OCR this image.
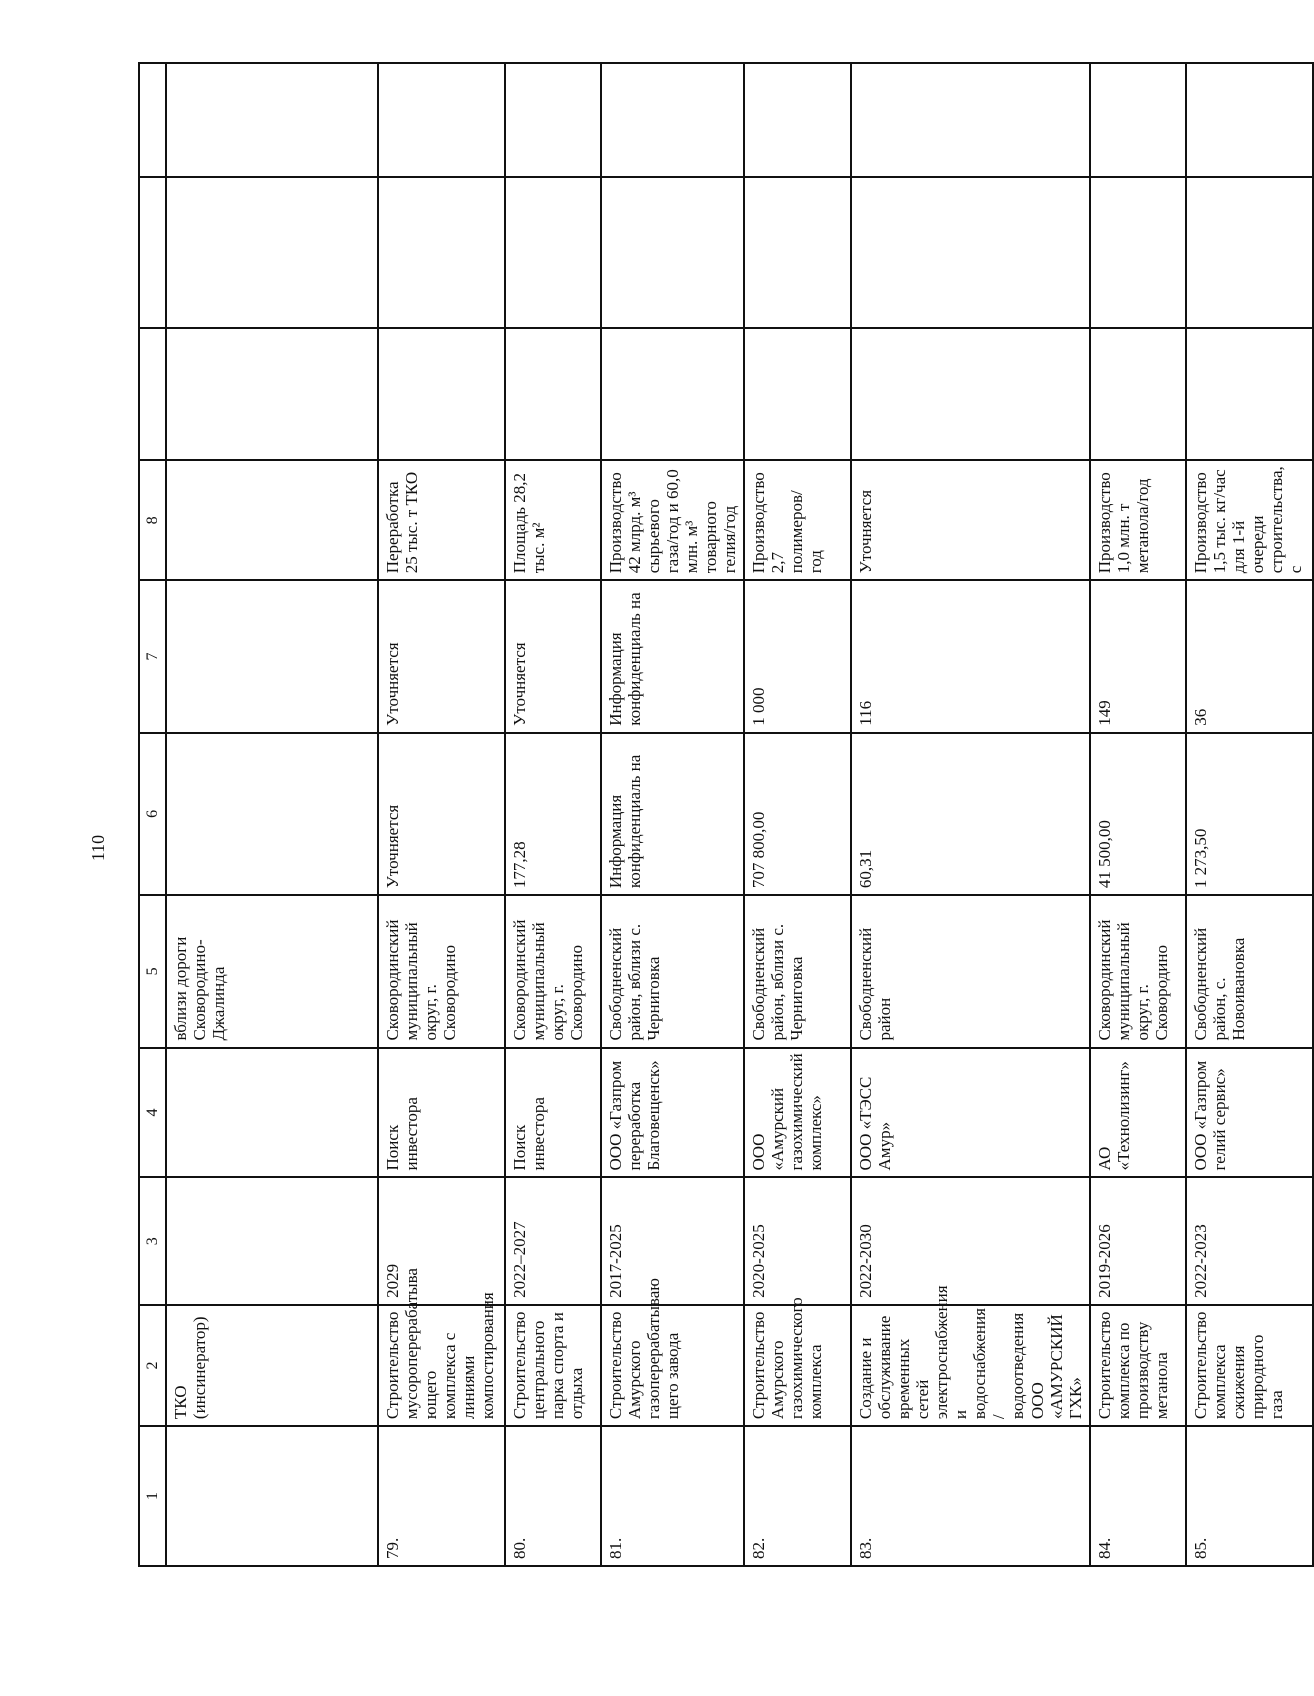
110
1	2	3	4	5	6	7	8			
	ТКО (инсинератор)			вблизи дороги
Сковородино-
Джалинда						
79.	Строительство мусороперерабатыва ющего комплекса с линиями компостирования	2029	Поиск инвестора	Сковородинский муниципальный округ, г. Сковородино	Уточняется	Уточняется	Переработка 25 тыс. т ТКО			
80.	Строительство центрального парка спорта и отдыха	2022–2027	Поиск инвестора	Сковородинский муниципальный округ, г. Сковородино	177,28	Уточняется	Площадь 28,2 тыс. м²			
81.	Строительство Амурского газоперерабатываю щего завода	2017-2025	ООО «Газпром переработка Благовещенск»	Свободненский район, вблизи с. Черниговка	Информация конфиденциаль на	Информация конфиденциаль на	Производство 42 млрд. м³ сырьевого газа/год и 60,0 млн. м³ товарного гелия/год			
82.	Строительство Амурского газохимического комплекса	2020-2025	ООО «Амурский газохимический комплекс»	Свободненский район, вблизи с. Черниговка	707 800,00	1 000	Производство 2,7 полимеров/год			
83.	Создание и обслуживание временных сетей электроснабжения и водоснабжения / водоотведения ООО «АМУРСКИЙ ГХК»	2022-2030	ООО «ТЭСС Амур»	Свободненский район	60,31	116	Уточняется			
84.	Строительство комплекса по производству метанола	2019-2026	АО «Технолизинг»	Сковородинский муниципальный округ, г. Сковородино	41 500,00	149	Производство 1,0 млн. т метанола/год			
85.	Строительство комплекса сжижения природного газа	2022-2023	ООО «Газпром гелий сервис»	Свободненский район, с. Новоивановка	1 273,50	36	Производство 1,5 тыс. кг/час для 1-й очереди строительства, с			
